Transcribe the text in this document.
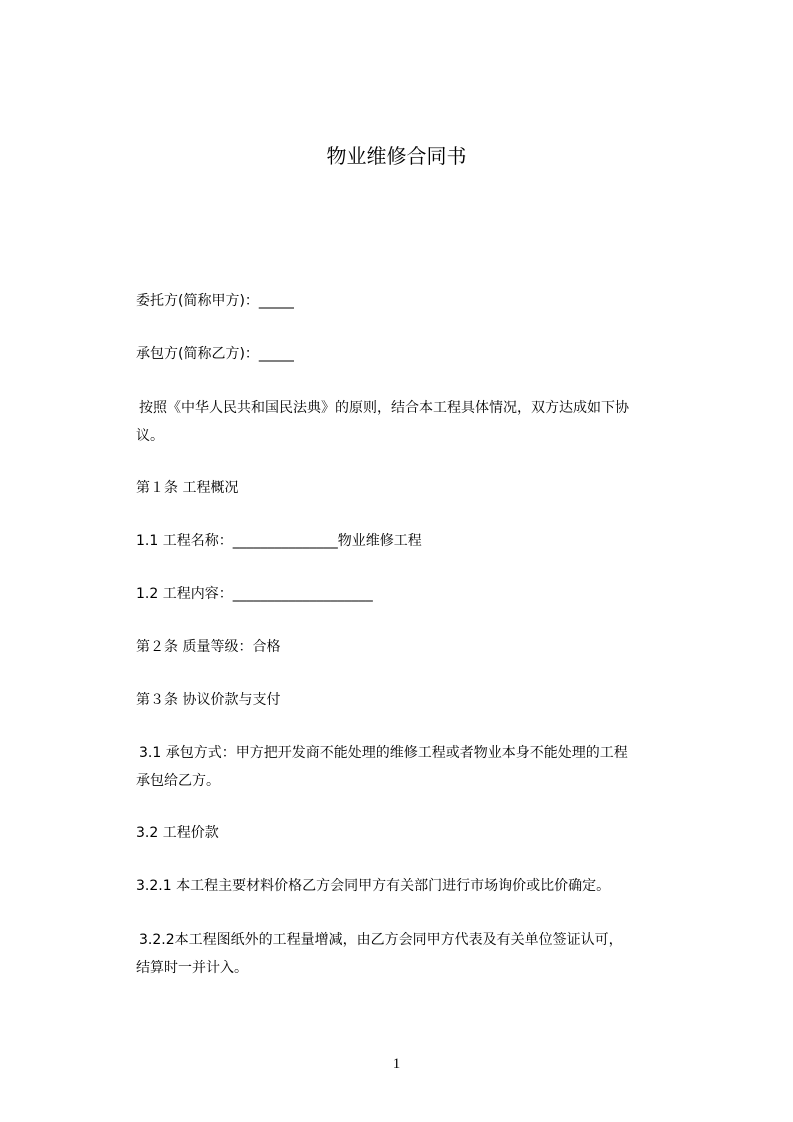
物业维修合同书

委托方(简称甲方)：_____

承包方(简称乙方)：_____

按照《中华人民共和国民法典》的原则，结合本工程具体情况，双方达成如下协
议。

第１条 工程概况

1.1 工程名称：_______________物业维修工程

1.2 工程内容：____________________

第２条 质量等级：合格

第３条 协议价款与支付

3.1 承包方式：甲方把开发商不能处理的维修工程或者物业本身不能处理的工程
承包给乙方。

3.2 工程价款

3.2.1 本工程主要材料价格乙方会同甲方有关部门进行市场询价或比价确定。

3.2.2本工程图纸外的工程量增减，由乙方会同甲方代表及有关单位签证认可，
结算时一并计入。
1
